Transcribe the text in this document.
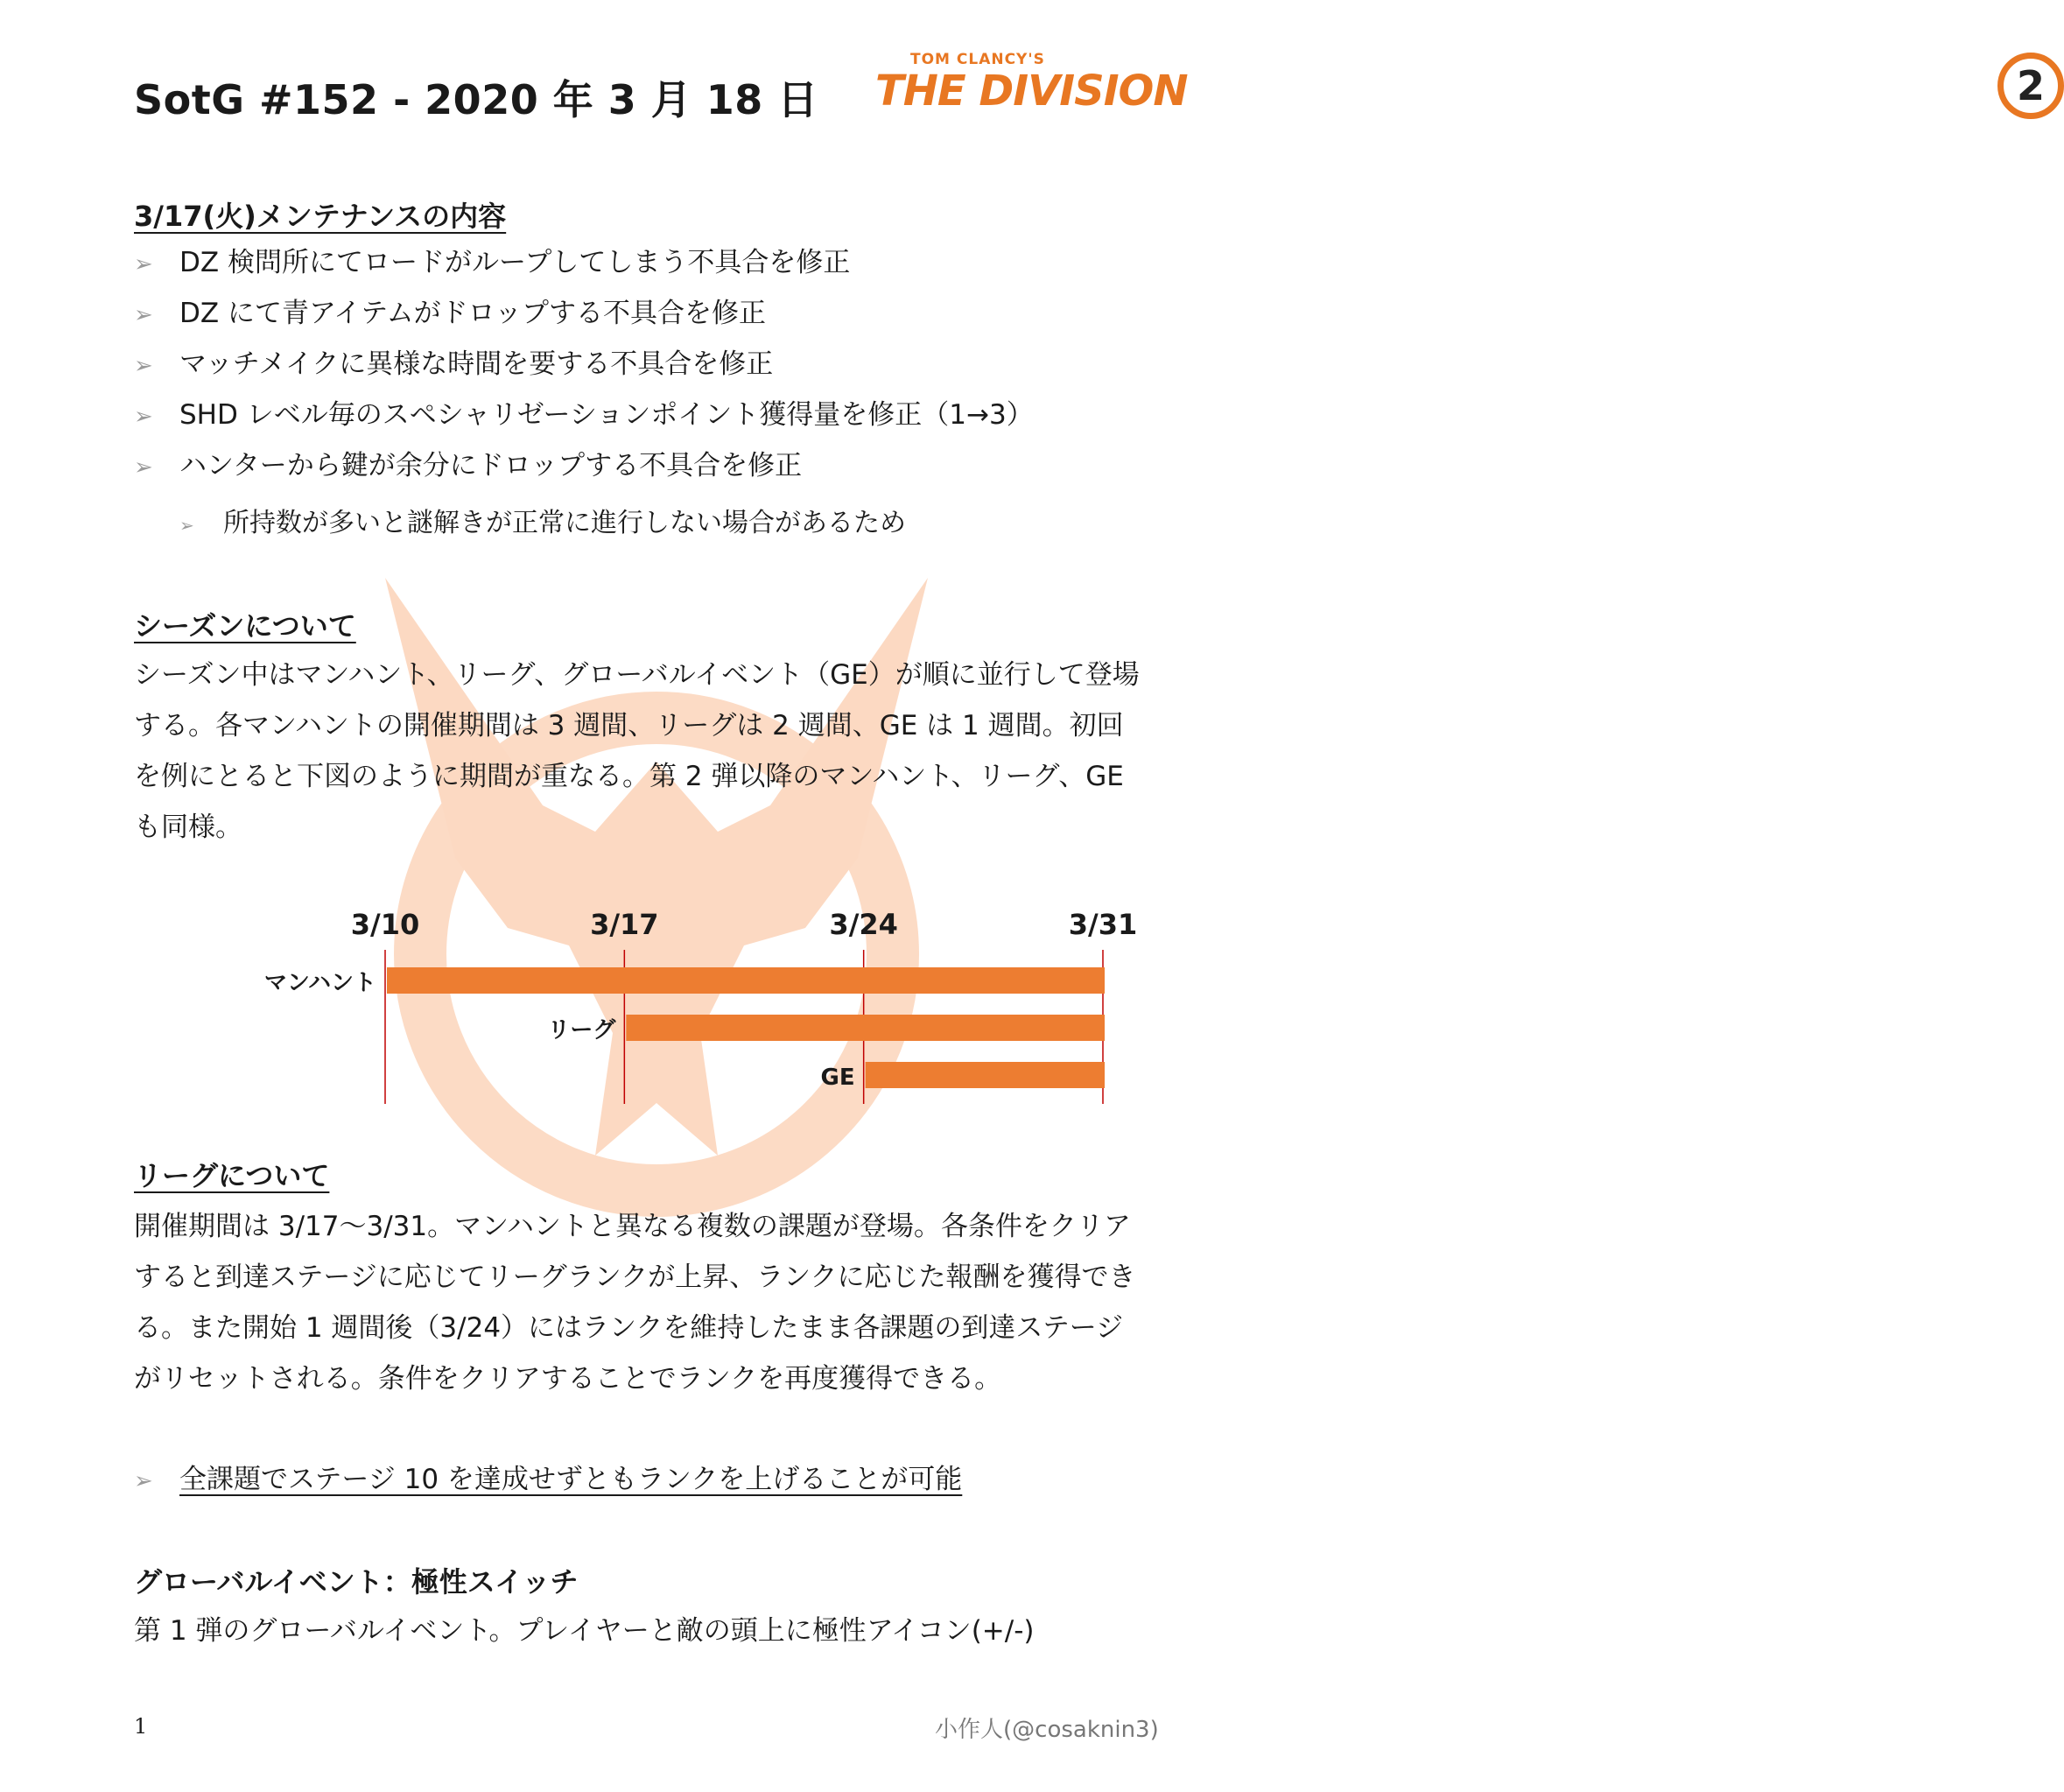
SotG #152 - 2020 年 3 月 18 日
TOM CLANCY'S
THE DIVISION	2
3/17(火)メンテナンスの内容
➢ DZ 検問所にてロードがループしてしまう不具合を修正
➢ DZ にて青アイテムがドロップする不具合を修正
➢ マッチメイクに異様な時間を要する不具合を修正
➢ SHD レベル毎のスペシャリゼーションポイント獲得量を修正（1→3）
➢ ハンターから鍵が余分にドロップする不具合を修正
➢ 所持数が多いと謎解きが正常に進行しない場合があるため
シーズンについて

シーズン中はマンハント、リーグ、グローバルイベント（GE）が順に並行して登場する。各マンハントの開催期間は 3 週間、リーグは 2 週間、GE は 1 週間。初回を例にとると下図のように期間が重なる。第 2 弾以降のマンハント、リーグ、GE も同様。

3/10	3/17	3/24	3/31
マンハント
リーグ
GE
リーグについて

開催期間は 3/17～3/31。マンハントと異なる複数の課題が登場。各条件をクリアすると到達ステージに応じてリーグランクが上昇、ランクに応じた報酬を獲得できる。また開始 1 週間後（3/24）にはランクを維持したまま各課題の到達ステージがリセットされる。条件をクリアすることでランクを再度獲得できる。

➢ 全課題でステージ 10 を達成せずともランクを上げることが可能
グローバルイベント：極性スイッチ

第 1 弾のグローバルイベント。プレイヤーと敵の頭上に極性アイコン(+/-)

1	小作人(@cosaknin3)
